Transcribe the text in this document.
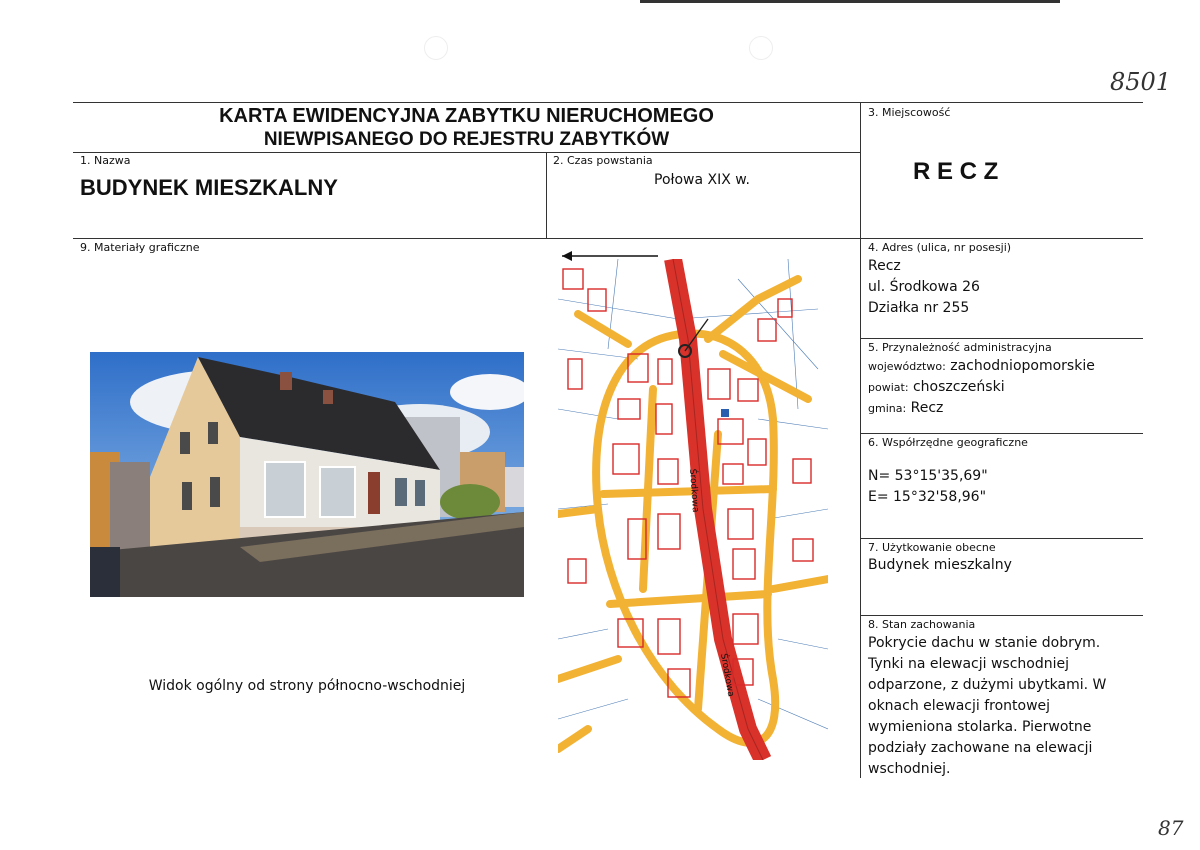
8501
87
KARTA EWIDENCYJNA ZABYTKU NIERUCHOMEGO
NIEWPISANEGO DO REJESTRU ZABYTKÓW
1. Nazwa
BUDYNEK MIESZKALNY
2. Czas powstania
Połowa XIX w.
3. Miejscowość
R E C Z
9. Materiały graficzne
Widok ogólny od strony północno-wschodniej
Środkowa
Środkowa
4. Adres (ulica, nr posesji)
Recz
ul. Środkowa 26
Działka nr 255
5. Przynależność administracyjna
województwo: zachodniopomorskie
powiat: choszczeński
gmina: Recz
6. Współrzędne geograficzne
N= 53°15'35,69"
E= 15°32'58,96"
7. Użytkowanie obecne
Budynek mieszkalny
8. Stan zachowania
Pokrycie dachu w stanie dobrym.
Tynki na elewacji wschodniej
odparzone, z dużymi ubytkami. W
oknach elewacji frontowej
wymieniona stolarka. Pierwotne
podziały zachowane na elewacji
wschodniej.
